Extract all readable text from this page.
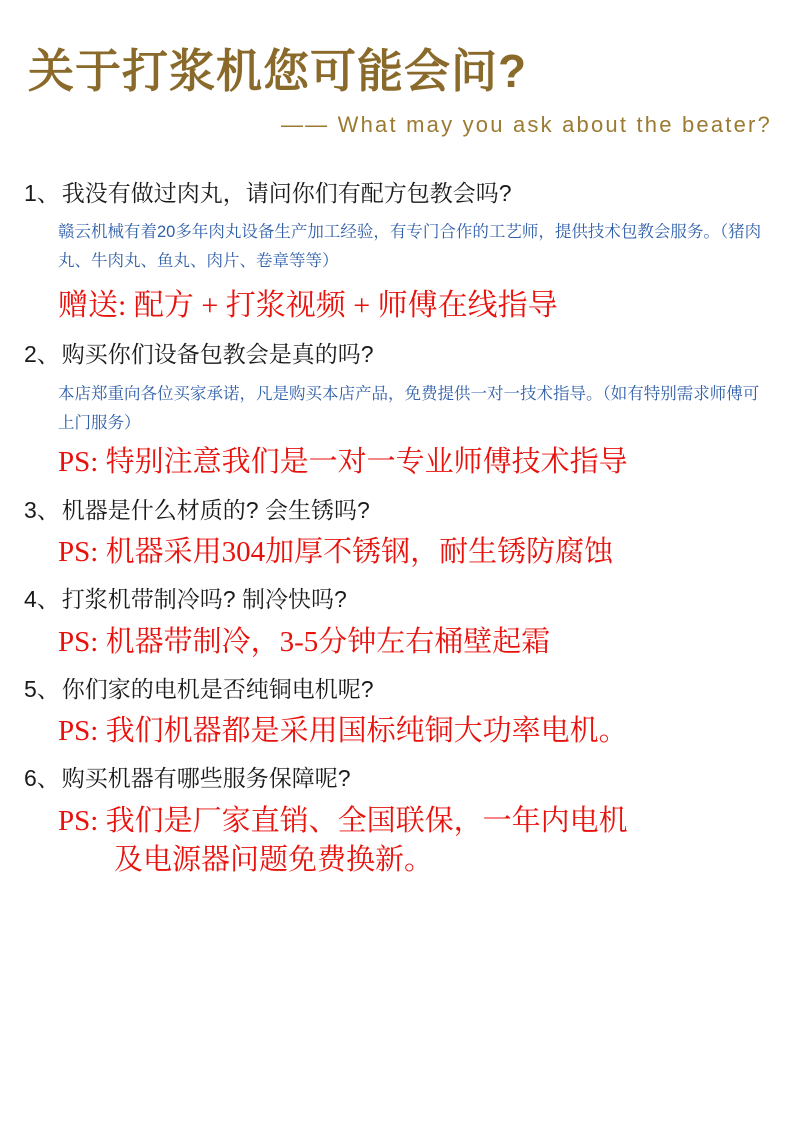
关于打浆机您可能会问?
—— What may you ask about the beater?
1、 我没有做过肉丸，请问你们有配方包教会吗?
赣云机械有着20多年肉丸设备生产加工经验，有专门合作的工艺师，提供技术包教会服务。（猪肉丸、牛肉丸、鱼丸、肉片、卷章等等）
赠送: 配方 + 打浆视频 + 师傅在线指导
2、 购买你们设备包教会是真的吗?
本店郑重向各位买家承诺，凡是购买本店产品，免费提供一对一技术指导。（如有特别需求师傅可上门服务）
PS: 特别注意我们是一对一专业师傅技术指导
3、 机器是什么材质的? 会生锈吗?
PS: 机器采用304加厚不锈钢，耐生锈防腐蚀
4、 打浆机带制冷吗? 制冷快吗?
PS: 机器带制冷，3-5分钟左右桶壁起霜
5、 你们家的电机是否纯铜电机呢?
PS: 我们机器都是采用国标纯铜大功率电机。
6、 购买机器有哪些服务保障呢?
PS: 我们是厂家直销、全国联保，一年内电机
及电源器问题免费换新。
